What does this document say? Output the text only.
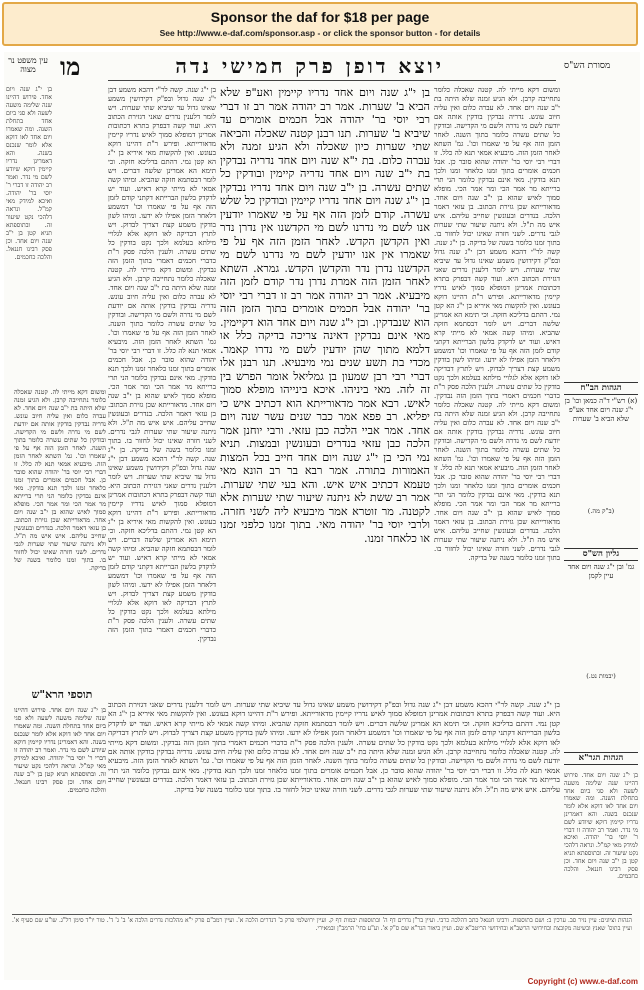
Sponsor the daf for $18 per page
See http://www.e-daf.com/sponsor.asp - or click the sponsor button - for details
מסורת הש"ס
יוצא דופן פרק חמישי נדה
מו
עין משפט נר מצוה
הגהות הב"ח
(א) רש"י ד"ה כמאן וכו' בן י"ג שנה ויום אחד אע"פ שלא הביא ב' שערות
(ב"ק מה.)
גליון הש"ס
גמ' ובן י"ג שנה ויום אחד עיין לקמן
(יבמות נט.)
הגהות הגר"א
בן י"ג שנה ויום אחד. פירוש דהיינו שנה שלימה משעה לשעה ולא סגי ביום אחד בתחלת השנה. ומה שאמרו ויום אחד לאו דוקא אלא לומר שנכנס בשנה. והא דאמרינן נדריו קיימין דוקא שיודע לשם מי נדר. ואמר רב יהודה זו דברי ר' יוסי בר' יהודה. ואיכא למידק מאי קמ"ל. ונראה דלהכי נקט שיעור זה. ובתוספתא תניא קטן בן י"ב שנה ויום אחד. וכן פסק רבינו חננאל. והלכה כחכמים.
ומשום דקא מייתי לה. קטנה שאכלה כלומר נתחייבה קרבן. ולא הגיע זמנה שלא היתה בת י"ב שנה ויום אחד. לא עברה כלום ואין עליה חיוב עונש. נדריה נבדקין בודקין אותה אם יודעת לשם מי נדרה ולשם מי הקדישה. ובודקין כל שתים עשרה כלומר בתוך השנה. לאחר הזמן הזה אף על פי שאמרו וכו'. גמ' השתא לאחר הזמן הזה. מיבעיא אמאי תנא לה כלל. זו דברי רבי יוסי בר' יהודה שהוא סובר כן. אבל חכמים אומרים בתוך זמנו כלאחר זמנו ולכך תנא בודקין. מאי אינם נבדקין כלומר הני תרי ברייתא מר אמר הכי ומר אמר הכי. מופלא סמוך לאיש שהוא בן י"ב שנה ויום אחד. מדאורייתא שכן גזירת הכתוב. בן עזאי דאמר הלכה. בנדרים ובעונשין שחייב עליהם. איש איש מה ת"ל. ולא ניתנה שיעור שתי שערות לגבי נדרים. לשני חזרה שאינו יכול לחזור בו. בתוך זמנו כלומר בשנה של בדיקה. בן י"ג שנה. קשה לר"י דהכא משמע דבן י"ג שנה גדול ובפ"ק דקידושין משמע שאינו גדול עד שיביא שתי שערות. ויש לומר דלענין נדרים שאני דגזירת הכתוב היא. ועוד קשה דבפרק בתרא דכתובות אמרינן דמופלא סמוך לאיש נדריו קיימין מדאורייתא. ופירש ר"ת דהיינו דוקא בעונש. ואין להקשות מאי איריא בן י"ג הא קטן נמי. דהתם בדליכא חזקה. וכי תימא הא אמרינן שלשה דברים. ויש לומר דבסתמא חזקה שהביא. ומיהו קשה אמאי לא מייתי קרא דאיש. ועוד יש לדקדק בלשון הברייתא דקתני קודם לזמן הזה אף על פי שאמרו וכו' דמשמע דלאחר הזמן אפילו לא ידעו. ומיהו לשון בודקין משמע קצת דצריך לבדוק. ויש לתרץ דבדיקה לאו דוקא אלא לגלויי מילתא בעלמא ולכך נקט בודקין כל שתים עשרה. ולענין הלכה פסק ר"ת כדברי חכמים דאמרי בתוך הזמן הזה נבדקין. ומשום דקא מייתי לה. קטנה שאכלה כלומר נתחייבה קרבן. ולא הגיע זמנה שלא היתה בת י"ב שנה ויום אחד. לא עברה כלום ואין עליה חיוב עונש. נדריה נבדקין בודקין אותה אם יודעת לשם מי נדרה ולשם מי הקדישה. ובודקין כל שתים עשרה כלומר בתוך השנה. לאחר הזמן הזה אף על פי שאמרו וכו'. גמ' השתא לאחר הזמן הזה. מיבעיא אמאי תנא לה כלל. זו דברי רבי יוסי בר' יהודה שהוא סובר כן. אבל חכמים אומרים בתוך זמנו כלאחר זמנו ולכך תנא בודקין. מאי אינם נבדקין כלומר הני תרי ברייתא מר אמר הכי ומר אמר הכי. מופלא סמוך לאיש שהוא בן י"ב שנה ויום אחד. מדאורייתא שכן גזירת הכתוב. בן עזאי דאמר הלכה. בנדרים ובעונשין שחייב עליהם. איש איש מה ת"ל. ולא ניתנה שיעור שתי שערות לגבי נדרים. לשני חזרה שאינו יכול לחזור בו. בתוך זמנו כלומר בשנה של בדיקה.
בן י"ג שנה. קשה לר"י דהכא משמע דבן י"ג שנה גדול ובפ"ק דקידושין משמע שאינו גדול עד שיביא שתי שערות. ויש לומר דלענין נדרים שאני דגזירת הכתוב היא. ועוד קשה דבפרק בתרא דכתובות אמרינן דמופלא סמוך לאיש נדריו קיימין מדאורייתא. ופירש ר"ת דהיינו דוקא בעונש. ואין להקשות מאי איריא בן י"ג הא קטן נמי. דהתם בדליכא חזקה. וכי תימא הא אמרינן שלשה דברים. ויש לומר דבסתמא חזקה שהביא. ומיהו קשה אמאי לא מייתי קרא דאיש. ועוד יש לדקדק בלשון הברייתא דקתני קודם לזמן הזה אף על פי שאמרו וכו' דמשמע דלאחר הזמן אפילו לא ידעו. ומיהו לשון בודקין משמע קצת דצריך לבדוק. ויש לתרץ דבדיקה לאו דוקא אלא לגלויי מילתא בעלמא ולכך נקט בודקין כל שתים עשרה. ולענין הלכה פסק ר"ת כדברי חכמים דאמרי בתוך הזמן הזה נבדקין. ומשום דקא מייתי לה. קטנה שאכלה כלומר נתחייבה קרבן. ולא הגיע זמנה שלא היתה בת י"ב שנה ויום אחד. לא עברה כלום ואין עליה חיוב עונש. נדריה נבדקין בודקין אותה אם יודעת לשם מי נדרה ולשם מי הקדישה. ובודקין כל שתים עשרה כלומר בתוך השנה. לאחר הזמן הזה אף על פי שאמרו וכו'. גמ' השתא לאחר הזמן הזה. מיבעיא אמאי תנא לה כלל. זו דברי רבי יוסי בר' יהודה שהוא סובר כן. אבל חכמים אומרים בתוך זמנו כלאחר זמנו ולכך תנא בודקין. מאי אינם נבדקין כלומר הני תרי ברייתא מר אמר הכי ומר אמר הכי. מופלא סמוך לאיש שהוא בן י"ב שנה ויום אחד. מדאורייתא שכן גזירת הכתוב. בן עזאי דאמר הלכה. בנדרים ובעונשין שחייב עליהם. איש איש מה ת"ל. ולא ניתנה שיעור שתי שערות לגבי נדרים. לשני חזרה שאינו יכול לחזור בו. בתוך זמנו כלומר בשנה של בדיקה. בן י"ג שנה. קשה לר"י דהכא משמע דבן י"ג שנה גדול ובפ"ק דקידושין משמע שאינו גדול עד שיביא שתי שערות. ויש לומר דלענין נדרים שאני דגזירת הכתוב היא. ועוד קשה דבפרק בתרא דכתובות אמרינן דמופלא סמוך לאיש נדריו קיימין מדאורייתא. ופירש ר"ת דהיינו דוקא בעונש. ואין להקשות מאי איריא בן י"ג הא קטן נמי. דהתם בדליכא חזקה. וכי תימא הא אמרינן שלשה דברים. ויש לומר דבסתמא חזקה שהביא. ומיהו קשה אמאי לא מייתי קרא דאיש. ועוד יש לדקדק בלשון הברייתא דקתני קודם לזמן הזה אף על פי שאמרו וכו' דמשמע דלאחר הזמן אפילו לא ידעו. ומיהו לשון בודקין משמע קצת דצריך לבדוק. ויש לתרץ דבדיקה לאו דוקא אלא לגלויי מילתא בעלמא ולכך נקט בודקין כל שתים עשרה. ולענין הלכה פסק ר"ת כדברי חכמים דאמרי בתוך הזמן הזה נבדקין.
בן י"ג שנה ויום אחד נדריו קיימין ואע"פ שלא הביא ב' שערות. אמר רב יהודה אמר רב זו דברי רבי יוסי בר' יהודה אבל חכמים אומרים עד שיביא ב' שערות. תנו רבנן קטנה שאכלה והביאה שתי שערות כיון שאכלה ולא הגיע זמנה ולא עברה כלום. בת י"א שנה ויום אחד נדריה נבדקין בת י"ב שנה ויום אחד נדריה קיימין ובודקין כל שתים עשרה. בן י"ב שנה ויום אחד נדריו נבדקין בן י"ג שנה ויום אחד נדריו קיימין ובודקין כל שלש עשרה. קודם לזמן הזה אף על פי שאמרו יודעין אנו לשם מי נדרנו לשם מי הקדשנו אין נדרן נדר ואין הקדשן הקדש. לאחר הזמן הזה אף על פי שאמרו אין אנו יודעין לשם מי נדרנו לשם מי הקדשנו נדרן נדר והקדשן הקדש. גמרא. השתא לאחר הזמן הזה אמרת נדרן נדר קודם לזמן הזה מיבעיא. אמר רב יהודה אמר רב זו דברי רבי יוסי בר' יהודה אבל חכמים אומרים בתוך הזמן הזה הוא שנבדקין. ובן י"ג שנה ויום אחד הוא דקיימין. מאי אינם נבדקין דאינה צריכה בדיקה כלל או דלמא מתוך שהן יודעין לשם מי נדרו קאמר. מכדי בת תשע שנים נמי מיבעיא. תנו רבנן אלו דברי רבי רבן שמעון בן גמליאל אומר הפרש בין זה לזה. מאי ביניהו. איכא בינייהו מופלא סמוך לאיש. רבא אמר מדאורייתא הוא דכתיב איש כי יפליא. רב פפא אמר כבר שנים עשר שנה ויום אחד. אמר אביי הלכה כבן עזאי. ורבי יוחנן אמר הלכה כבן עזאי בנדרים ובעונשין ובמצות. תניא נמי הכי בן י"ג שנה ויום אחד חייב בכל המצות האמורות בתורה. אמר רבא בר רב הונא מאי טעמא דכתיב איש איש. והא בעי שתי שערות. אמר רב ששת לא ניתנה שיעור שתי שערות אלא לקטנה. מר זוטרא אמר מיבעיא ליה לשני חזרה. ולרבי יוסי בר' יהודה מאי. בתוך זמנו כלפני זמנו או כלאחר זמנו.
בן י"ג שנה. קשה לר"י דהכא משמע דבן י"ג שנה גדול ובפ"ק דקידושין משמע שאינו גדול עד שיביא שתי שערות. ויש לומר דלענין נדרים שאני דגזירת הכתוב היא. ועוד קשה דבפרק בתרא דכתובות אמרינן דמופלא סמוך לאיש נדריו קיימין מדאורייתא. ופירש ר"ת דהיינו דוקא בעונש. ואין להקשות מאי איריא בן י"ג הא קטן נמי. דהתם בדליכא חזקה. וכי תימא הא אמרינן שלשה דברים. ויש לומר דבסתמא חזקה שהביא. ומיהו קשה אמאי לא מייתי קרא דאיש. ועוד יש לדקדק בלשון הברייתא דקתני קודם לזמן הזה אף על פי שאמרו וכו' דמשמע דלאחר הזמן אפילו לא ידעו. ומיהו לשון בודקין משמע קצת דצריך לבדוק. ויש לתרץ דבדיקה לאו דוקא אלא לגלויי מילתא בעלמא ולכך נקט בודקין כל שתים עשרה. ולענין הלכה פסק ר"ת כדברי חכמים דאמרי בתוך הזמן הזה נבדקין. ומשום דקא מייתי לה. קטנה שאכלה כלומר נתחייבה קרבן. ולא הגיע זמנה שלא היתה בת י"ב שנה ויום אחד. לא עברה כלום ואין עליה חיוב עונש. נדריה נבדקין בודקין אותה אם יודעת לשם מי נדרה ולשם מי הקדישה. ובודקין כל שתים עשרה כלומר בתוך השנה. לאחר הזמן הזה אף על פי שאמרו וכו'. גמ' השתא לאחר הזמן הזה. מיבעיא אמאי תנא לה כלל. זו דברי רבי יוסי בר' יהודה שהוא סובר כן. אבל חכמים אומרים בתוך זמנו כלאחר זמנו ולכך תנא בודקין. מאי אינם נבדקין כלומר הני תרי ברייתא מר אמר הכי ומר אמר הכי. מופלא סמוך לאיש שהוא בן י"ב שנה ויום אחד. מדאורייתא שכן גזירת הכתוב. בן עזאי דאמר הלכה. בנדרים ובעונשין שחייב עליהם. איש איש מה ת"ל. ולא ניתנה שיעור שתי שערות לגבי נדרים. לשני חזרה שאינו יכול לחזור בו. בתוך זמנו כלומר בשנה של בדיקה.
תוספי הרא"ש
בן י"ג שנה ויום אחד. פירוש דהיינו שנה שלימה משעה לשעה ולא סגי ביום אחד בתחלת השנה. ומה שאמרו ויום אחד לאו דוקא אלא לומר שנכנס בשנה. והא דאמרינן נדריו קיימין דוקא שיודע לשם מי נדר. ואמר רב יהודה זו דברי ר' יוסי בר' יהודה. ואיכא למידק מאי קמ"ל. ונראה דלהכי נקט שיעור זה. ובתוספתא תניא קטן בן י"ב שנה ויום אחד. וכן פסק רבינו חננאל. והלכה כחכמים.
ומשום דקא מייתי לה. קטנה שאכלה כלומר נתחייבה קרבן. ולא הגיע זמנה שלא היתה בת י"ב שנה ויום אחד. לא עברה כלום ואין עליה חיוב עונש. נדריה נבדקין בודקין אותה אם יודעת לשם מי נדרה ולשם מי הקדישה. ובודקין כל שתים עשרה כלומר בתוך השנה. לאחר הזמן הזה אף על פי שאמרו וכו'. גמ' השתא לאחר הזמן הזה. מיבעיא אמאי תנא לה כלל. זו דברי רבי יוסי בר' יהודה שהוא סובר כן. אבל חכמים אומרים בתוך זמנו כלאחר זמנו ולכך תנא בודקין. מאי אינם נבדקין כלומר הני תרי ברייתא מר אמר הכי ומר אמר הכי. מופלא סמוך לאיש שהוא בן י"ב שנה ויום אחד. מדאורייתא שכן גזירת הכתוב. בן עזאי דאמר הלכה. בנדרים ובעונשין שחייב עליהם. איש איש מה ת"ל. ולא ניתנה שיעור שתי שערות לגבי נדרים. לשני חזרה שאינו יכול לחזור בו. בתוך זמנו כלומר בשנה של בדיקה.
בן י"ג שנה ויום אחד. פירוש דהיינו שנה שלימה משעה לשעה ולא סגי ביום אחד בתחלת השנה. ומה שאמרו ויום אחד לאו דוקא אלא לומר שנכנס בשנה. והא דאמרינן נדריו קיימין דוקא שיודע לשם מי נדר. ואמר רב יהודה זו דברי ר' יוסי בר' יהודה. ואיכא למידק מאי קמ"ל. ונראה דלהכי נקט שיעור זה. ובתוספתא תניא קטן בן י"ב שנה ויום אחד. וכן פסק רבינו חננאל. והלכה כחכמים.
הגהות וציונים: עיין נזיר סב. ערכין ב: ושם בתוספות. ורבינו חננאל כתב דהלכה כרבי. ועיין בר"ן נדרים דף ה' ובתוספות יבמות דף ק. ועיין ירושלמי פרק ב' דנדרים הלכה א'. ועיין רמב"ם פרק י"א מהלכות נדרים הלכה א' ב' ג' ד'. טור יו"ד סימן רל"ג. שו"ע שם סעיף א'. ועיין בתוס' שאנץ ובשיטה מקובצת ובחידושי הרשב"א ובחידושי הריטב"א שם. ועיין ביאור הגר"א שם ס"ק א'. וע"ע בחי' הרמב"ן ובמאירי.
Copyright (c) www.e-daf.com
